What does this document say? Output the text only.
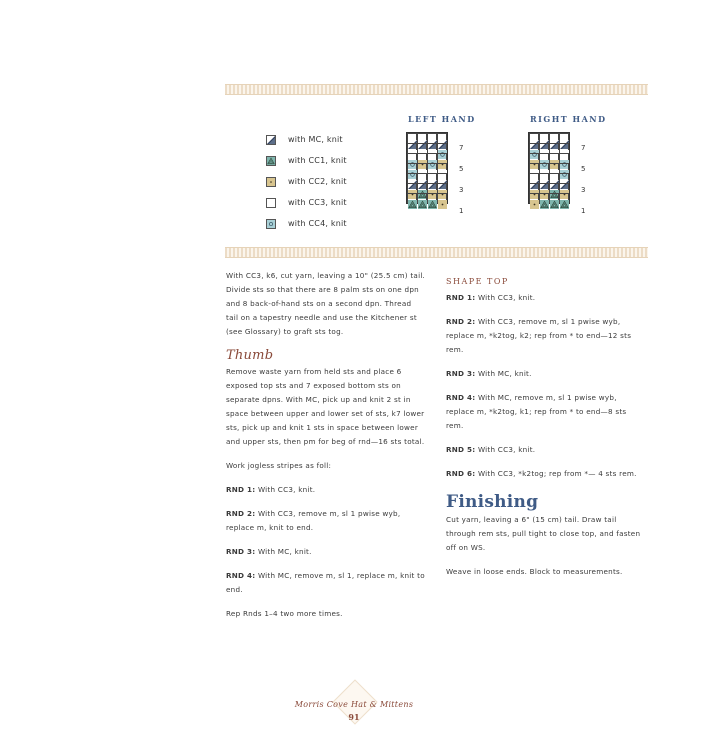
with MC, knit
with CC1, knit
with CC2, knit
with CC3, knit
with CC4, knit
LEFT HAND	RIGHT HAND
7
5
3
1
7
5
3
1

With CC3, k6, cut yarn, leaving a 10" (25.5 cm) tail. Divide sts so that there are 8 palm sts on one dpn and 8 back-of-hand sts on a second dpn. Thread tail on a tapestry needle and use the Kitchener st (see Glossary) to graft sts tog.

Thumb

Remove waste yarn from held sts and place 6 exposed top sts and 7 exposed bottom sts on separate dpns. With MC, pick up and knit 2 st in space between upper and lower set of sts, k7 lower sts, pick up and knit 1 sts in space between lower and upper sts, then pm for beg of rnd—16 sts total.

Work jogless stripes as foll:

RND 1: With CC3, knit.

RND 2: With CC3, remove m, sl 1 pwise wyb, replace m, knit to end.

RND 3: With MC, knit.

RND 4: With MC, remove m, sl 1, replace m, knit to end.

Rep Rnds 1–4 two more times.

SHAPE TOP

RND 1: With CC3, knit.

RND 2: With CC3, remove m, sl 1 pwise wyb, replace m, *k2tog, k2; rep from * to end—12 sts rem.

RND 3: With MC, knit.

RND 4: With MC, remove m, sl 1 pwise wyb, replace m, *k2tog, k1; rep from * to end—8 sts rem.

RND 5: With CC3, knit.

RND 6: With CC3, *k2tog; rep from *— 4 sts rem.

Finishing

Cut yarn, leaving a 6" (15 cm) tail. Draw tail through rem sts, pull tight to close top, and fasten off on WS.

Weave in loose ends. Block to measurements.

Morris Cove Hat & Mittens
91
